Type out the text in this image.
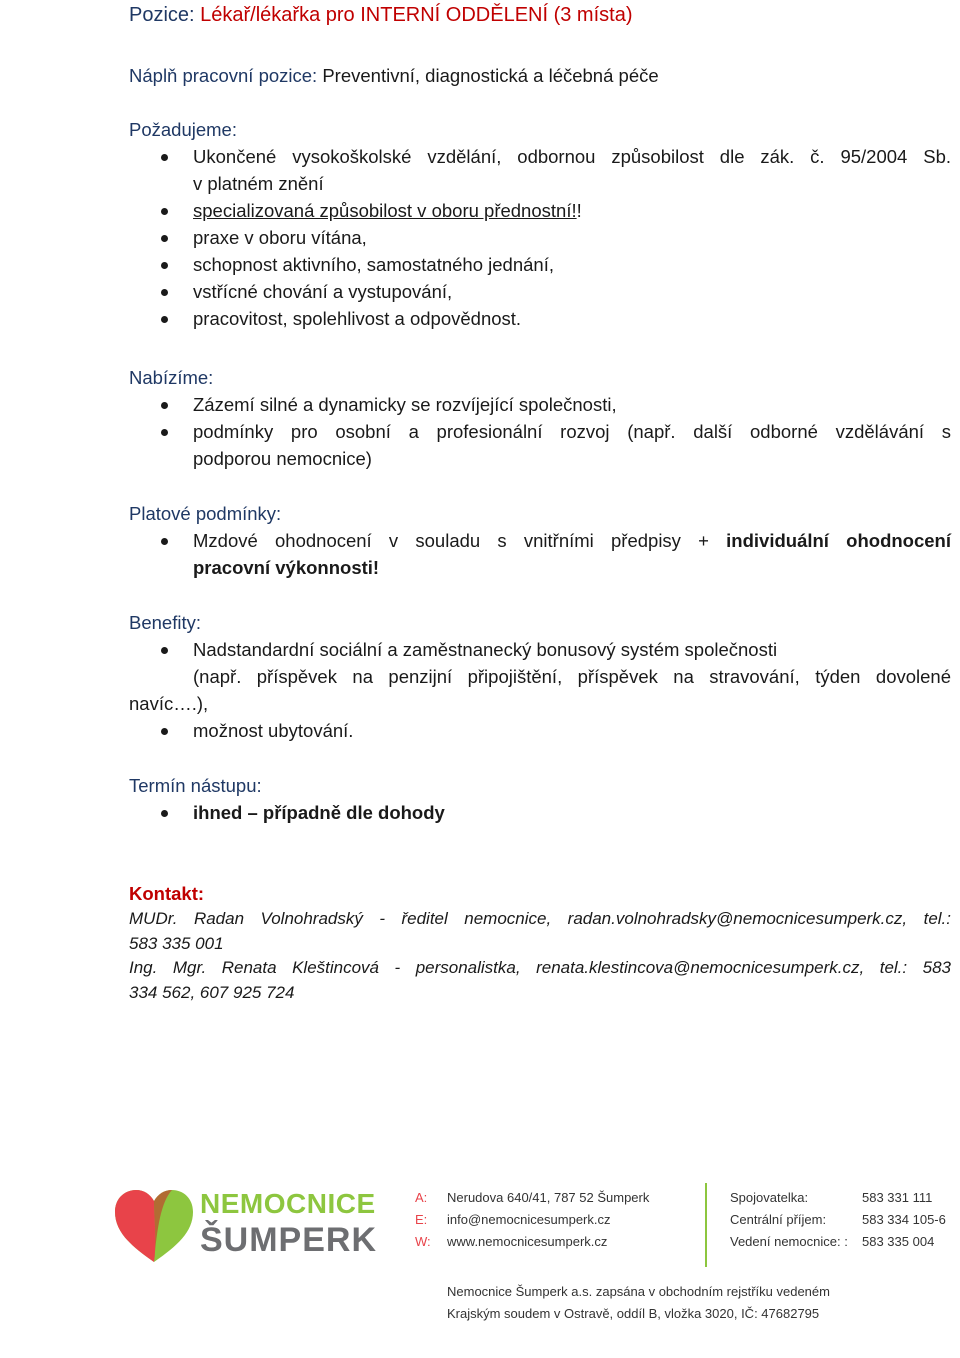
Pozice: Lékař/lékařka pro INTERNÍ ODDĚLENÍ (3 místa)
Náplň pracovní pozice: Preventivní, diagnostická a léčebná péče
Požadujeme:
Ukončené vysokoškolské vzdělání, odbornou způsobilost dle zák. č. 95/2004 Sb.
v platném znění
specializovaná způsobilost v oboru přednostní!!
praxe v oboru vítána,
schopnost aktivního, samostatného jednání,
vstřícné chování a vystupování,
pracovitost, spolehlivost a odpovědnost.
Nabízíme:
Zázemí silné a dynamicky se rozvíjející společnosti,
podmínky pro osobní a profesionální rozvoj (např. další odborné vzdělávání s
podporou nemocnice)
Platové podmínky:
Mzdové ohodnocení v souladu s vnitřními předpisy + individuální ohodnocení
pracovní výkonnosti!
Benefity:
Nadstandardní sociální a zaměstnanecký bonusový systém společnosti
(např. příspěvek na penzijní připojištění, příspěvek na stravování, týden dovolené
navíc….),
možnost ubytování.
Termín nástupu:
ihned – případně dle dohody
Kontakt:
MUDr. Radan Volnohradský - ředitel nemocnice, radan.volnohradsky@nemocnicesumperk.cz, tel.:
583 335 001
Ing. Mgr. Renata Kleštincová - personalistka, renata.klestincova@nemocnicesumperk.cz, tel.: 583
334 562, 607 925 724
NEMOCNICE
ŠUMPERK
A:
E:
W:
Nerudova 640/41, 787 52 Šumperk
info@nemocnicesumperk.cz
www.nemocnicesumperk.cz
Spojovatelka:
Centrální příjem:
Vedení nemocnice: :
583 331 111
583 334 105-6
583 335 004
Nemocnice Šumperk a.s. zapsána v obchodním rejstříku vedeném
Krajským soudem v Ostravě, oddíl B, vložka 3020, IČ: 47682795
